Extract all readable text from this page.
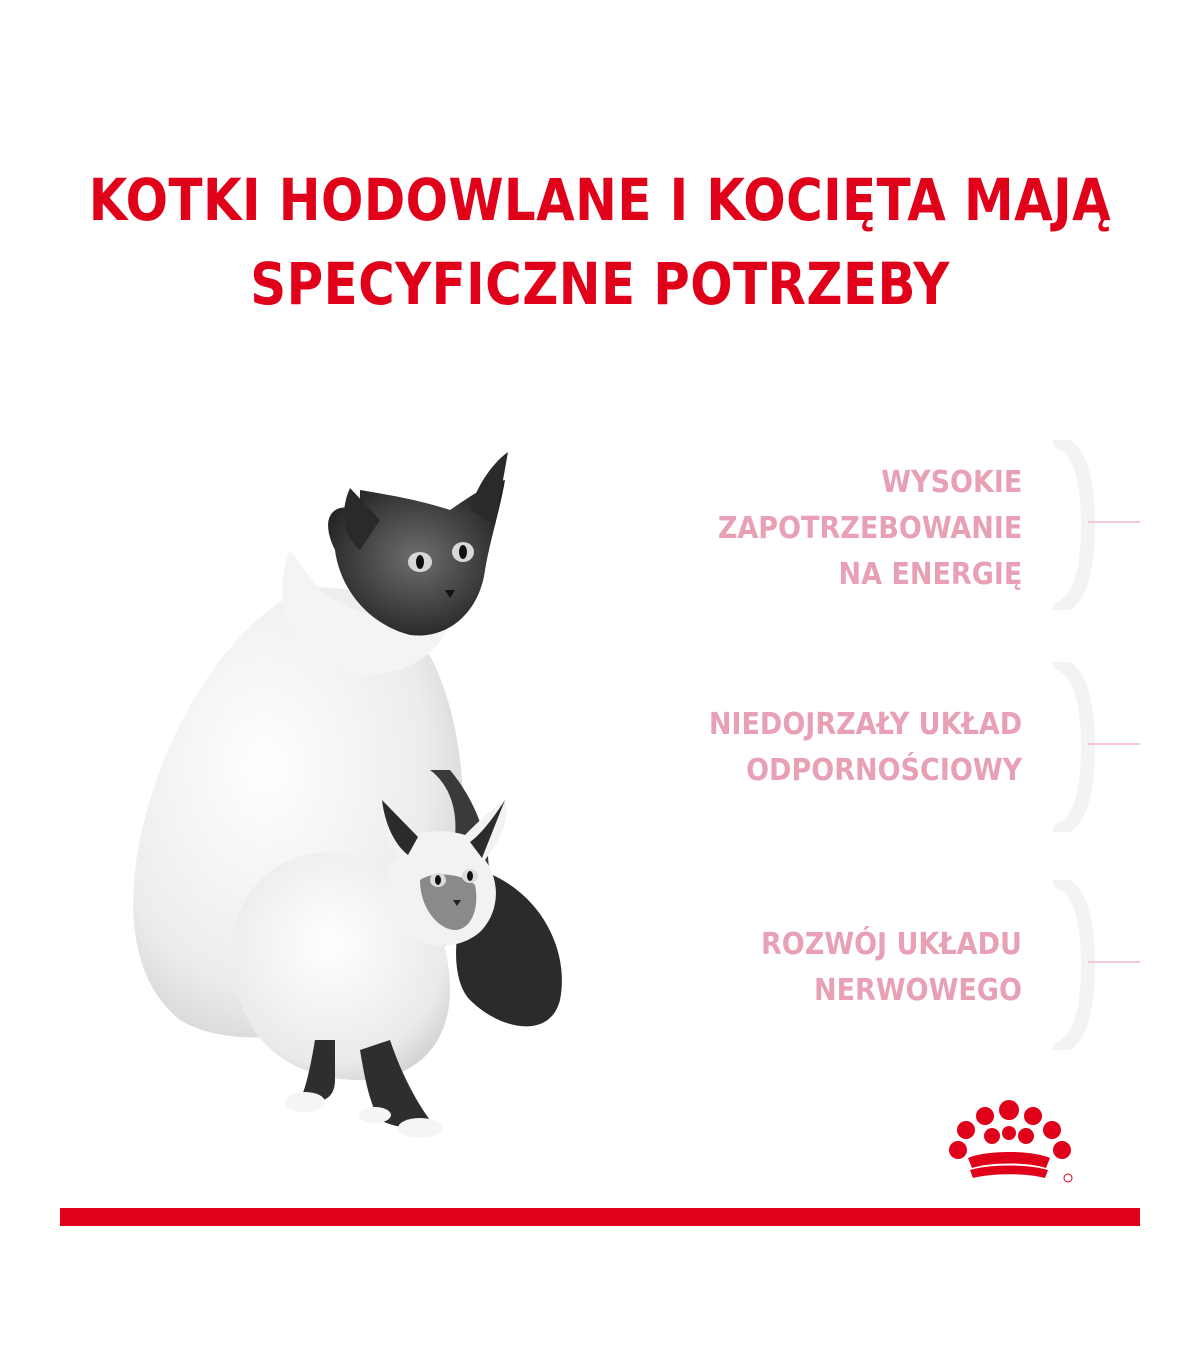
KOTKI HODOWLANE I KOCIĘTA MAJĄ
SPECYFICZNE POTRZEBY
WYSOKIE
ZAPOTRZEBOWANIE
NA ENERGIĘ
NIEDOJRZAŁY UKŁAD
ODPORNOŚCIOWY
ROZWÓJ UKŁADU
NERWOWEGO
